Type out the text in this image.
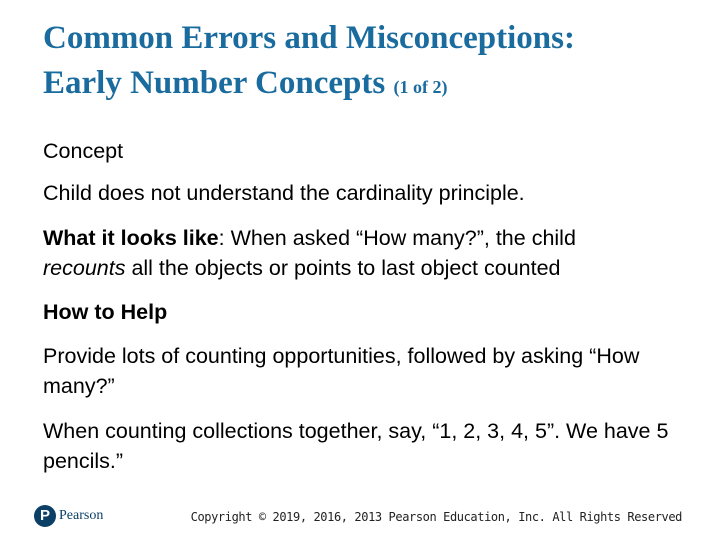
Common Errors and Misconceptions:
Early Number Concepts (1 of 2)

Concept

Child does not understand the cardinality principle.

What it looks like: When asked “How many?”, the child
recounts all the objects or points to last object counted

How to Help

Provide lots of counting opportunities, followed by asking “How many?”

When counting collections together, say, “1, 2, 3, 4, 5”. We have 5 pencils.”

P Pearson	Copyright © 2019, 2016, 2013 Pearson Education, Inc. All Rights Reserved
